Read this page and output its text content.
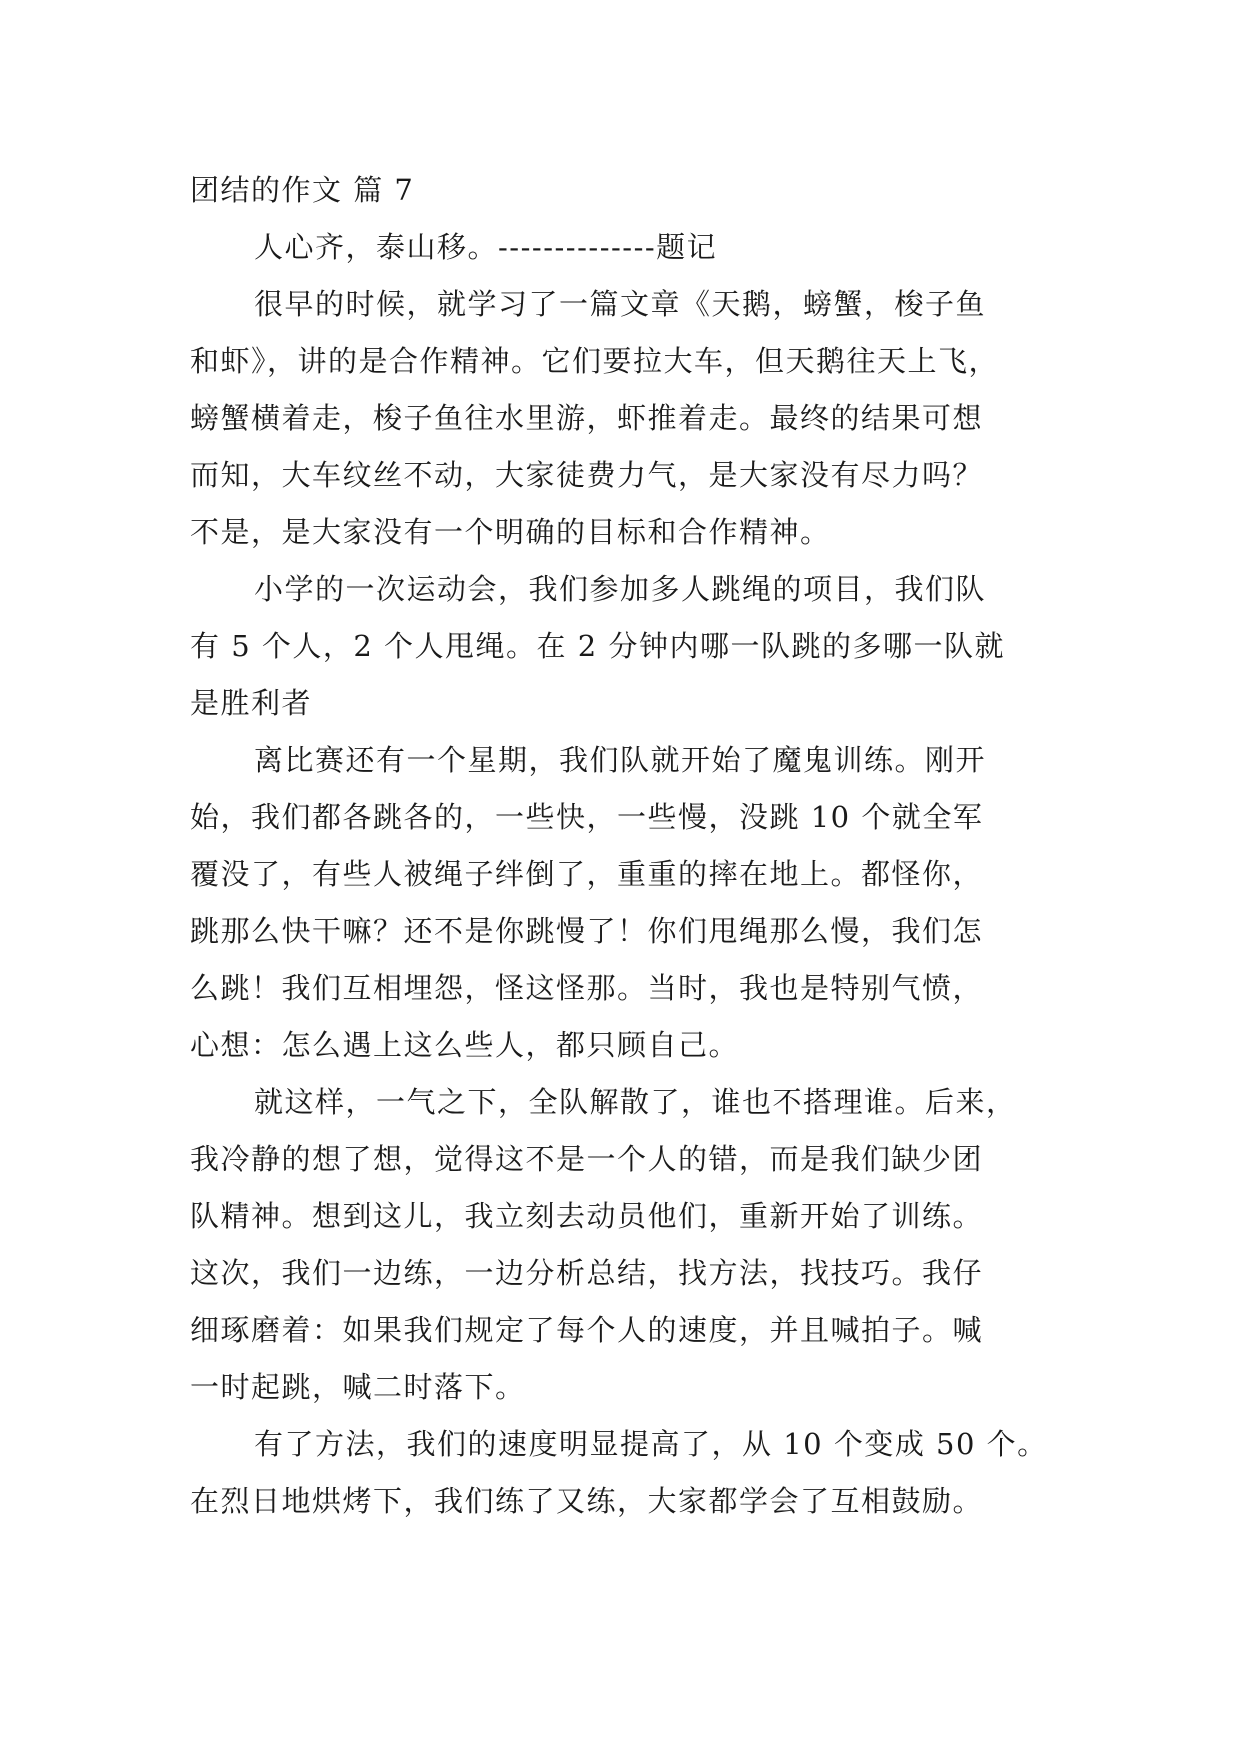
团结的作文 篇 7
人心齐，泰山移。--------------题记
很早的时候，就学习了一篇文章《天鹅，螃蟹，梭子鱼
和虾》，讲的是合作精神。它们要拉大车，但天鹅往天上飞，
螃蟹横着走，梭子鱼往水里游，虾推着走。最终的结果可想
而知，大车纹丝不动，大家徒费力气，是大家没有尽力吗？
不是，是大家没有一个明确的目标和合作精神。
小学的一次运动会，我们参加多人跳绳的项目，我们队
有 5 个人，2 个人甩绳。在 2 分钟内哪一队跳的多哪一队就
是胜利者
离比赛还有一个星期，我们队就开始了魔鬼训练。刚开
始，我们都各跳各的，一些快，一些慢，没跳 10 个就全军
覆没了，有些人被绳子绊倒了，重重的摔在地上。都怪你，
跳那么快干嘛？还不是你跳慢了！你们甩绳那么慢，我们怎
么跳！我们互相埋怨，怪这怪那。当时，我也是特别气愤，
心想：怎么遇上这么些人，都只顾自己。
就这样，一气之下，全队解散了，谁也不搭理谁。后来，
我冷静的想了想，觉得这不是一个人的错，而是我们缺少团
队精神。想到这儿，我立刻去动员他们，重新开始了训练。
这次，我们一边练，一边分析总结，找方法，找技巧。我仔
细琢磨着：如果我们规定了每个人的速度，并且喊拍子。喊
一时起跳，喊二时落下。
有了方法，我们的速度明显提高了，从 10 个变成 50 个。
在烈日地烘烤下，我们练了又练，大家都学会了互相鼓励。
